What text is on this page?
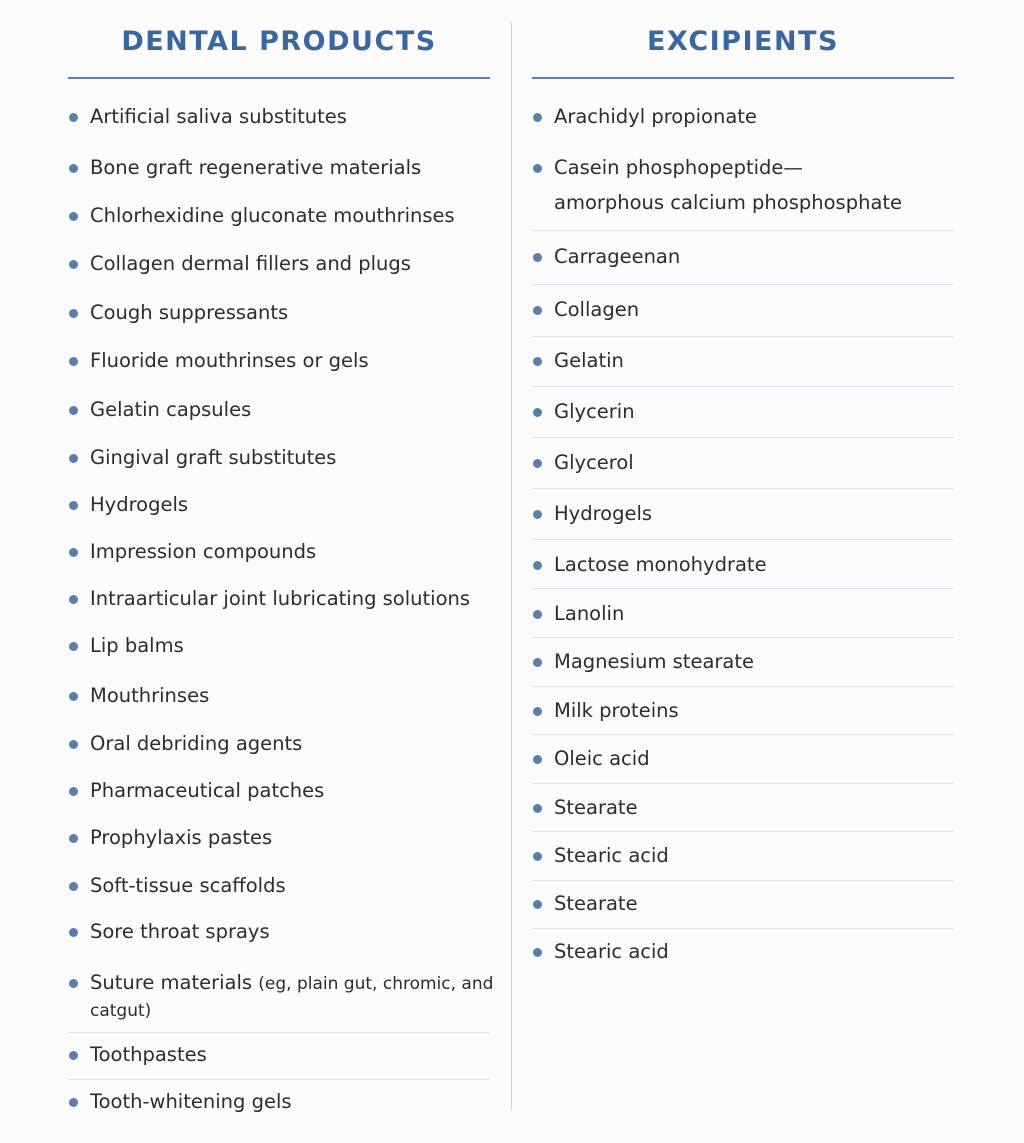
DENTAL PRODUCTS
Artificial saliva substitutes
Bone graft regenerative materials
Chlorhexidine gluconate mouthrinses
Collagen dermal fillers and plugs
Cough suppressants
Fluoride mouthrinses or gels
Gelatin capsules
Gingival graft substitutes
Hydrogels
Impression compounds
Intraarticular joint lubricating solutions
Lip balms
Mouthrinses
Oral debriding agents
Pharmaceutical patches
Prophylaxis pastes
Soft-tissue scaffolds
Sore throat sprays
Suture materials (eg, plain gut, chromic, and
catgut)
Toothpastes
Tooth-whitening gels
EXCIPIENTS
Arachidyl propionate
Casein phosphopeptide—
amorphous calcium phosphosphate
Carrageenan
Collagen
Gelatin
Glycerin
Glycerol
Hydrogels
Lactose monohydrate
Lanolin
Magnesium stearate
Milk proteins
Oleic acid
Stearate
Stearic acid
Stearate
Stearic acid
